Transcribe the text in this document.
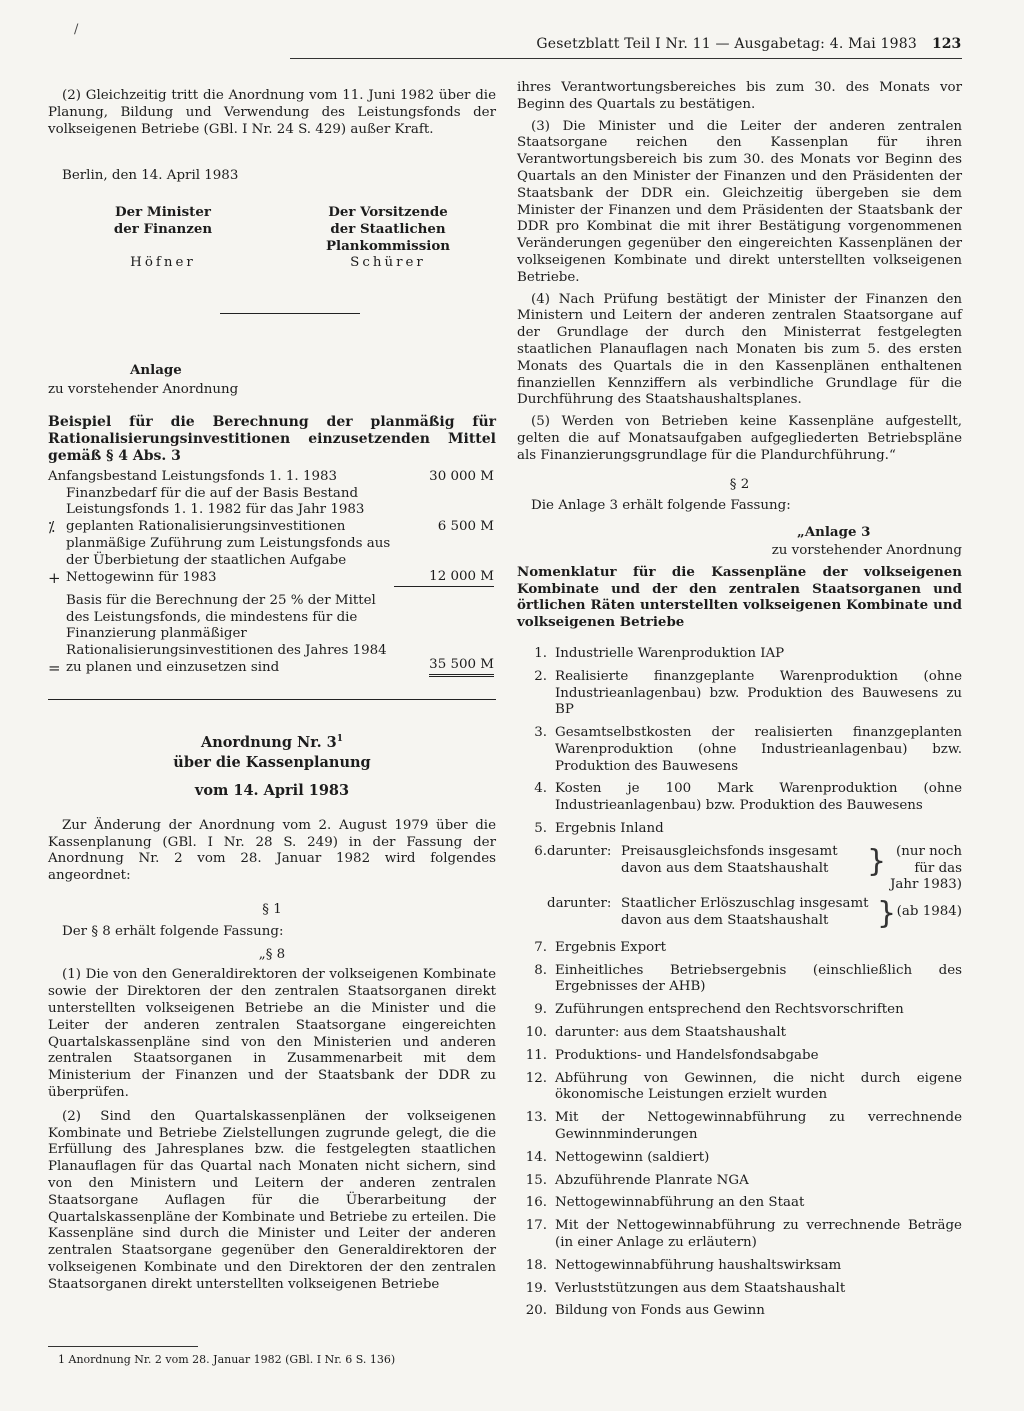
/
Gesetzblatt Teil I Nr. 11 — Ausgabetag: 4. Mai 1983 123

(2) Gleichzeitig tritt die Anordnung vom 11. Juni 1982 über die Planung, Bildung und Verwendung des Leistungsfonds der volkseigenen Betriebe (GBl. I Nr. 24 S. 429) außer Kraft.

Berlin, den 14. April 1983

Der Minister
der Finanzen
Höfner
Der Vorsitzende
der Staatlichen
Plankommission
Schürer

Anlage

zu vorstehender Anordnung

Beispiel für die Berechnung der planmäßig für Rationalisierungsinvestitionen einzusetzenden Mittel gemäß § 4 Abs. 3

Anfangsbestand Leistungsfonds 1. 1. 1983		30 000 M
⁒	Finanzbedarf für die auf der Basis Bestand Leistungsfonds 1. 1. 1982 für das Jahr 1983 geplanten Rationalisierungsinvestitionen	6 500 M
+	planmäßige Zuführung zum Leistungsfonds aus der Überbietung der staatlichen Aufgabe Nettogewinn für 1983	12 000 M

=	Basis für die Berechnung der 25 % der Mittel des Leistungsfonds, die mindestens für die Finanzierung planmäßiger Rationalisierungsinvestitionen des Jahres 1984 zu planen und einzusetzen sind	35 500 M
Anordnung Nr. $3^1$
über die Kassenplanung
vom 14. April 1983

Zur Änderung der Anordnung vom 2. August 1979 über die Kassenplanung (GBl. I Nr. 28 S. 249) in der Fassung der Anordnung Nr. 2 vom 28. Januar 1982 wird folgendes angeordnet:

§ 1

Der § 8 erhält folgende Fassung:

„§ 8

(1) Die von den Generaldirektoren der volkseigenen Kombinate sowie der Direktoren der den zentralen Staatsorganen direkt unterstellten volkseigenen Betriebe an die Minister und die Leiter der anderen zentralen Staatsorgane eingereichten Quartalskassenpläne sind von den Ministerien und anderen zentralen Staatsorganen in Zusammenarbeit mit dem Ministerium der Finanzen und der Staatsbank der DDR zu überprüfen.

(2) Sind den Quartalskassenplänen der volkseigenen Kombinate und Betriebe Zielstellungen zugrunde gelegt, die die Erfüllung des Jahresplanes bzw. die festgelegten staatlichen Planauflagen für das Quartal nach Monaten nicht sichern, sind von den Ministern und Leitern der anderen zentralen Staatsorgane Auflagen für die Überarbeitung der Quartalskassenpläne der Kombinate und Betriebe zu erteilen. Die Kassenpläne sind durch die Minister und Leiter der anderen zentralen Staatsorgane gegenüber den Generaldirektoren der volkseigenen Kombinate und den Direktoren der den zentralen Staatsorganen direkt unterstellten volkseigenen Betriebe

1 Anordnung Nr. 2 vom 28. Januar 1982 (GBl. I Nr. 6 S. 136)

ihres Verantwortungsbereiches bis zum 30. des Monats vor Beginn des Quartals zu bestätigen.

(3) Die Minister und die Leiter der anderen zentralen Staatsorgane reichen den Kassenplan für ihren Verantwortungsbereich bis zum 30. des Monats vor Beginn des Quartals an den Minister der Finanzen und den Präsidenten der Staatsbank der DDR ein. Gleichzeitig übergeben sie dem Minister der Finanzen und dem Präsidenten der Staatsbank der DDR pro Kombinat die mit ihrer Bestätigung vorgenommenen Veränderungen gegenüber den eingereichten Kassenplänen der volkseigenen Kombinate und direkt unterstellten volkseigenen Betriebe.

(4) Nach Prüfung bestätigt der Minister der Finanzen den Ministern und Leitern der anderen zentralen Staatsorgane auf der Grundlage der durch den Ministerrat festgelegten staatlichen Planauflagen nach Monaten bis zum 5. des ersten Monats des Quartals die in den Kassenplänen enthaltenen finanziellen Kennziffern als verbindliche Grundlage für die Durchführung des Staatshaushaltsplanes.

(5) Werden von Betrieben keine Kassenpläne aufgestellt, gelten die auf Monatsaufgaben aufgegliederten Betriebspläne als Finanzierungsgrundlage für die Plandurchführung.“

§ 2

Die Anlage 3 erhält folgende Fassung:

„Anlage 3

zu vorstehender Anordnung

Nomenklatur für die Kassenpläne der volkseigenen Kombinate und der den zentralen Staatsorganen und örtlichen Räten unterstellten volkseigenen Kombinate und volkseigenen Betriebe

1. Industrielle Warenproduktion IAP
2. Realisierte finanzgeplante Warenproduktion (ohne Industrieanlagenbau) bzw. Produktion des Bauwesens zu BP
3. Gesamtselbstkosten der realisierten finanzgeplanten Warenproduktion (ohne Industrieanlagenbau) bzw. Produktion des Bauwesens
4. Kosten je 100 Mark Warenproduktion (ohne Industrieanlagenbau) bzw. Produktion des Bauwesens
5. Ergebnis Inland
6. darunter: Preisausgleichsfonds insgesamt
davon aus dem Staatshaushalt } (nur noch für das Jahr 1983)
darunter: Staatlicher Erlöszuschlag insgesamt
davon aus dem Staatshaushalt } (ab 1984)
7. Ergebnis Export
8. Einheitliches Betriebsergebnis (einschließlich des Ergebnisses der AHB)
9. Zuführungen entsprechend den Rechtsvorschriften
10. darunter: aus dem Staatshaushalt
11. Produktions- und Handelsfondsabgabe
12. Abführung von Gewinnen, die nicht durch eigene ökonomische Leistungen erzielt wurden
13. Mit der Nettogewinnabführung zu verrechnende Gewinnminderungen
14. Nettogewinn (saldiert)
15. Abzuführende Planrate NGA
16. Nettogewinnabführung an den Staat
17. Mit der Nettogewinnabführung zu verrechnende Beträge (in einer Anlage zu erläutern)
18. Nettogewinnabführung haushaltswirksam
19. Verluststützungen aus dem Staatshaushalt
20. Bildung von Fonds aus Gewinn
